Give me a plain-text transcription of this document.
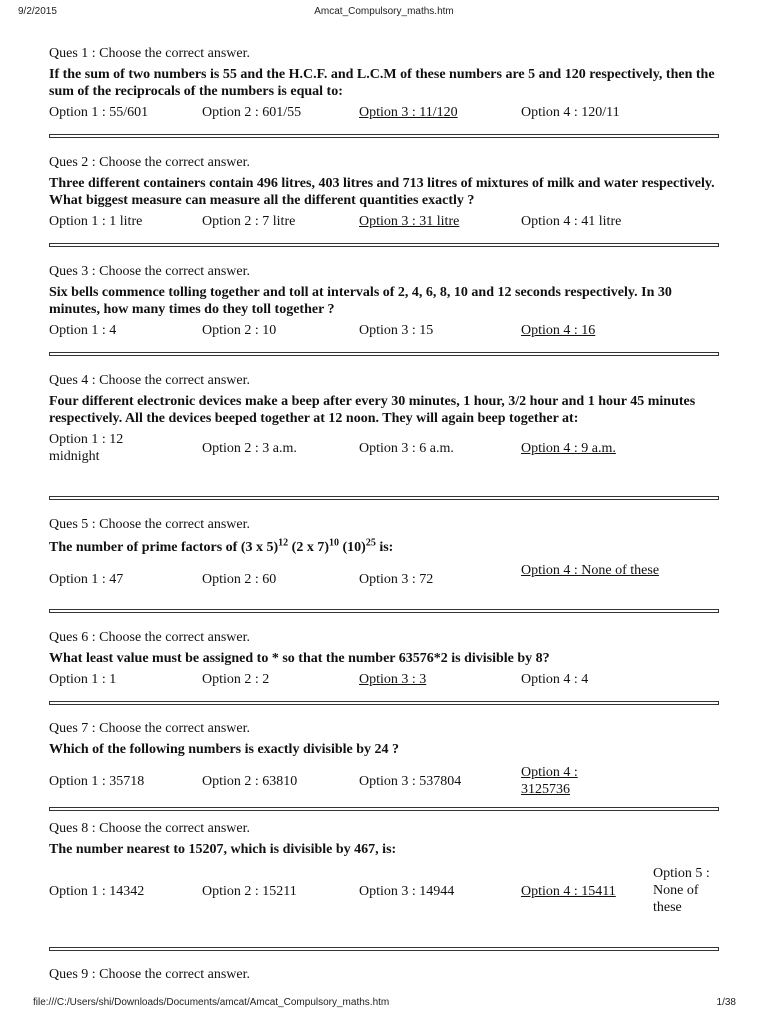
9/2/2015	Amcat_Compulsory_maths.htm

Ques 1 : Choose the correct answer.

If the sum of two numbers is 55 and the H.C.F. and L.C.M of these numbers are 5 and 120 respectively, then the sum of the reciprocals of the numbers is equal to:

Option 1 : 55/601	Option 2 : 601/55	Option 3 : 11/120	Option 4 : 120/11

Ques 2 : Choose the correct answer.

Three different containers contain 496 litres, 403 litres and 713 litres of mixtures of milk and water respectively. What biggest measure can measure all the different quantities exactly ?

Option 1 : 1 litre	Option 2 : 7 litre	Option 3 : 31 litre	Option 4 : 41 litre

Ques 3 : Choose the correct answer.

Six bells commence tolling together and toll at intervals of 2, 4, 6, 8, 10 and 12 seconds respectively. In 30 minutes, how many times do they toll together ?

Option 1 : 4	Option 2 : 10	Option 3 : 15	Option 4 : 16

Ques 4 : Choose the correct answer.

Four different electronic devices make a beep after every 30 minutes, 1 hour, 3/2 hour and 1 hour 45 minutes respectively. All the devices beeped together at 12 noon. They will again beep together at:

Option 1 : 12 midnight
Option 2 : 3 a.m.	Option 3 : 6 a.m.	Option 4 : 9 a.m.

Ques 5 : Choose the correct answer.

The number of prime factors of (3 x 5)$^{12}$ (2 x 7)$^{10}$ $(10)^{25}$ is:

Option 1 : 47	Option 2 : 60	Option 3 : 72
Option 4 : None of these

Ques 6 : Choose the correct answer.

What least value must be assigned to * so that the number 63576*2 is divisible by 8?

Option 1 : 1	Option 2 : 2	Option 3 : 3	Option 4 : 4

Ques 7 : Choose the correct answer.

Which of the following numbers is exactly divisible by 24 ?

Option 1 : 35718	Option 2 : 63810	Option 3 : 537804
Option 4 : 3125736

Ques 8 : Choose the correct answer.

The number nearest to 15207, which is divisible by 467, is:

Option 1 : 14342	Option 2 : 15211	Option 3 : 14944	Option 4 : 15411
Option 5 : None of these

Ques 9 : Choose the correct answer.

file:///C:/Users/shi/Downloads/Documents/amcat/Amcat_Compulsory_maths.htm	1/38
